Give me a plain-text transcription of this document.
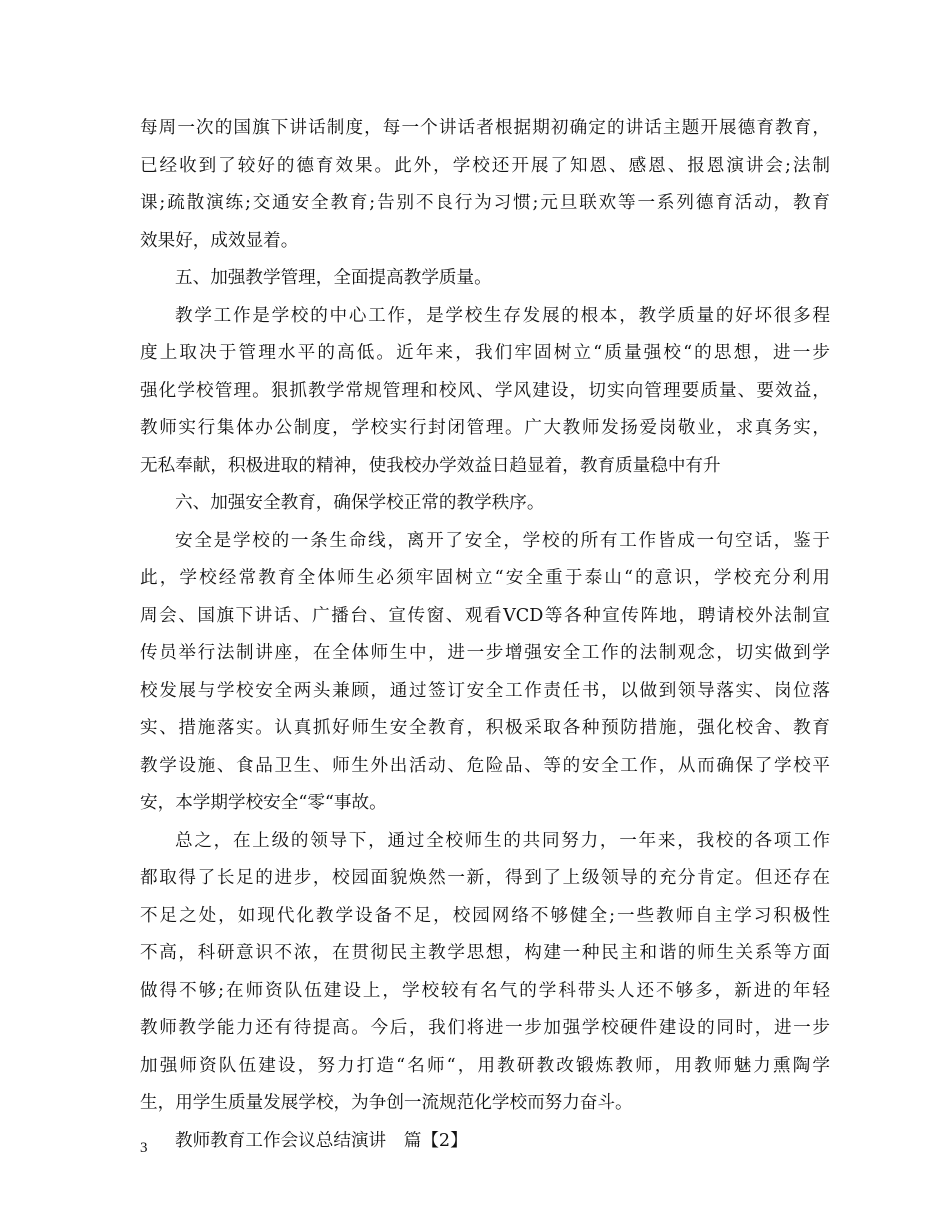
每周一次的国旗下讲话制度，每一个讲话者根据期初确定的讲话主题开展德育教育，
已经收到了较好的德育效果。此外，学校还开展了知恩、感恩、报恩演讲会;法制
课;疏散演练;交通安全教育;告别不良行为习惯;元旦联欢等一系列德育活动，教育
效果好，成效显着。
五、加强教学管理，全面提高教学质量。
教学工作是学校的中心工作，是学校生存发展的根本，教学质量的好坏很多程
度上取决于管理水平的高低。近年来，我们牢固树立“质量强校“的思想，进一步
强化学校管理。狠抓教学常规管理和校风、学风建设，切实向管理要质量、要效益，
教师实行集体办公制度，学校实行封闭管理。广大教师发扬爱岗敬业，求真务实，
无私奉献，积极进取的精神，使我校办学效益日趋显着，教育质量稳中有升
六、加强安全教育，确保学校正常的教学秩序。
安全是学校的一条生命线，离开了安全，学校的所有工作皆成一句空话，鉴于
此，学校经常教育全体师生必须牢固树立“安全重于泰山“的意识，学校充分利用
周会、国旗下讲话、广播台、宣传窗、观看VCD等各种宣传阵地，聘请校外法制宣
传员举行法制讲座，在全体师生中，进一步增强安全工作的法制观念，切实做到学
校发展与学校安全两头兼顾，通过签订安全工作责任书，以做到领导落实、岗位落
实、措施落实。认真抓好师生安全教育，积极采取各种预防措施，强化校舍、教育
教学设施、食品卫生、师生外出活动、危险品、等的安全工作，从而确保了学校平
安，本学期学校安全“零“事故。
总之，在上级的领导下，通过全校师生的共同努力，一年来，我校的各项工作
都取得了长足的进步，校园面貌焕然一新，得到了上级领导的充分肯定。但还存在
不足之处，如现代化教学设备不足，校园网络不够健全;一些教师自主学习积极性
不高，科研意识不浓，在贯彻民主教学思想，构建一种民主和谐的师生关系等方面
做得不够;在师资队伍建设上，学校较有名气的学科带头人还不够多，新进的年轻
教师教学能力还有待提高。今后，我们将进一步加强学校硬件建设的同时，进一步
加强师资队伍建设，努力打造“名师“，用教研教改锻炼教师，用教师魅力熏陶学
生，用学生质量发展学校，为争创一流规范化学校而努力奋斗。
教师教育工作会议总结演讲　篇【2】
3
